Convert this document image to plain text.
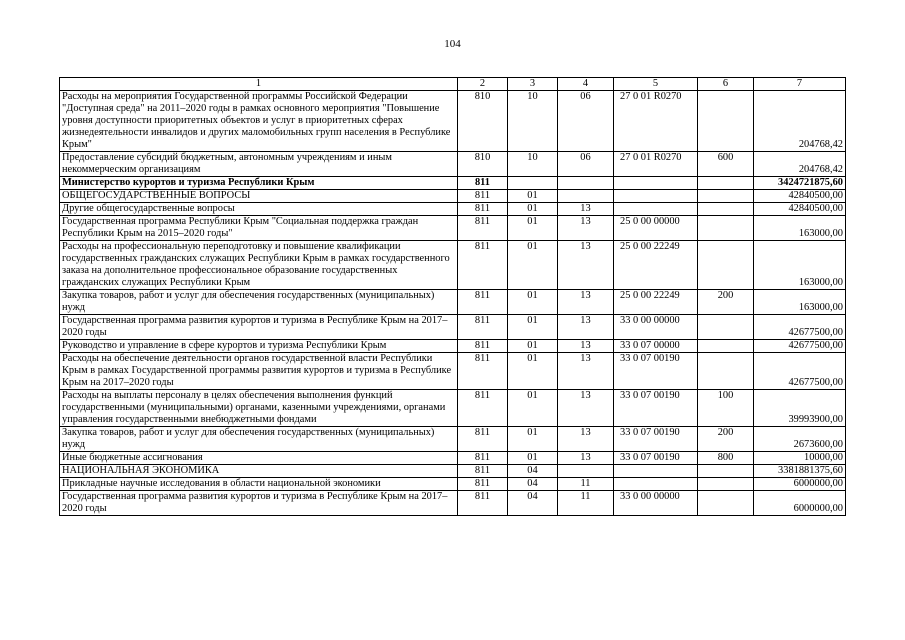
104
1	2	3	4	5	6	7
Расходы на мероприятия Государственной программы Российской Федерации "Доступная среда" на 2011–2020 годы в рамках основного мероприятия "Повышение уровня доступности приоритетных объектов и услуг в приоритетных сферах жизнедеятельности инвалидов и других маломобильных групп населения в Республике Крым"	810	10	06	27 0 01 R0270		204768,42
Предоставление субсидий бюджетным, автономным учреждениям и иным некоммерческим организациям	810	10	06	27 0 01 R0270	600	204768,42
Министерство курортов и туризма Республики Крым	811					3424721875,60
ОБЩЕГОСУДАРСТВЕННЫЕ ВОПРОСЫ	811	01				42840500,00
Другие общегосударственные вопросы	811	01	13			42840500,00
Государственная программа Республики Крым "Социальная поддержка граждан Республики Крым на 2015–2020 годы"	811	01	13	25 0 00 00000		163000,00
Расходы на профессиональную переподготовку и повышение квалификации государственных гражданских служащих Республики Крым в рамках государственного заказа на дополнительное профессиональное образование государственных гражданских служащих Республики Крым	811	01	13	25 0 00 22249		163000,00
Закупка товаров, работ и услуг для обеспечения государственных (муниципальных) нужд	811	01	13	25 0 00 22249	200	163000,00
Государственная программа развития курортов и туризма в Республике Крым на 2017–2020 годы	811	01	13	33 0 00 00000		42677500,00
Руководство и управление в сфере курортов и туризма Республики Крым	811	01	13	33 0 07 00000		42677500,00
Расходы на обеспечение деятельности органов государственной власти Республики Крым в рамках Государственной программы развития курортов и туризма в Республике Крым на 2017–2020 годы	811	01	13	33 0 07 00190		42677500,00
Расходы на выплаты персоналу в целях обеспечения выполнения функций государственными (муниципальными) органами, казенными учреждениями, органами управления государственными внебюджетными фондами	811	01	13	33 0 07 00190	100	39993900,00
Закупка товаров, работ и услуг для обеспечения государственных (муниципальных) нужд	811	01	13	33 0 07 00190	200	2673600,00
Иные бюджетные ассигнования	811	01	13	33 0 07 00190	800	10000,00
НАЦИОНАЛЬНАЯ ЭКОНОМИКА	811	04				3381881375,60
Прикладные научные исследования в области национальной экономики	811	04	11			6000000,00
Государственная программа развития курортов и туризма в Республике Крым на 2017–2020 годы	811	04	11	33 0 00 00000		6000000,00
